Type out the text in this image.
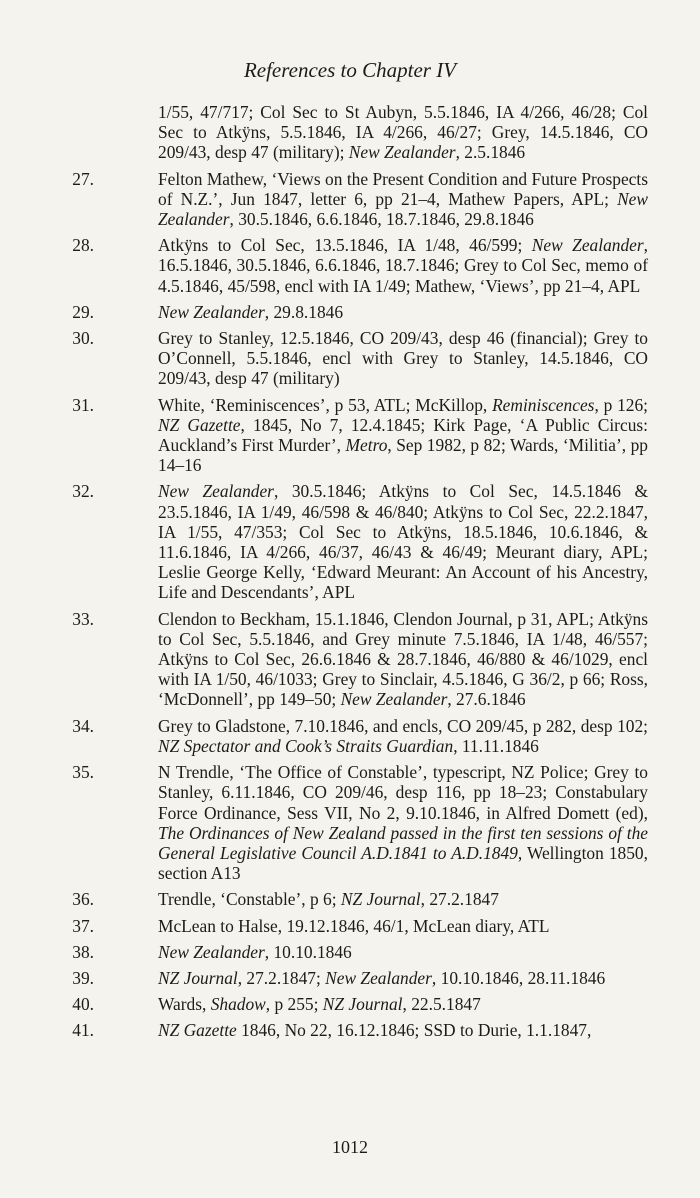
References to Chapter IV
1/55, 47/717; Col Sec to St Aubyn, 5.5.1846, IA 4/266, 46/28; Col Sec to Atkÿns, 5.5.1846, IA 4/266, 46/27; Grey, 14.5.1846, CO 209/43, desp 47 (military); New Zealander, 2.5.1846
27.	Felton Mathew, ‘Views on the Present Condition and Future Prospects of N.Z.’, Jun 1847, letter 6, pp 21–4, Mathew Papers, APL; New Zealander, 30.5.1846, 6.6.1846, 18.7.1846, 29.8.1846
28.	Atkÿns to Col Sec, 13.5.1846, IA 1/48, 46/599; New Zealander, 16.5.1846, 30.5.1846, 6.6.1846, 18.7.1846; Grey to Col Sec, memo of 4.5.1846, 45/598, encl with IA 1/49; Mathew, ‘Views’, pp 21–4, APL
29.	New Zealander, 29.8.1846
30.	Grey to Stanley, 12.5.1846, CO 209/43, desp 46 (financial); Grey to O’Connell, 5.5.1846, encl with Grey to Stanley, 14.5.1846, CO 209/43, desp 47 (military)
31.	White, ‘Reminiscences’, p 53, ATL; McKillop, Reminiscences, p 126; NZ Gazette, 1845, No 7, 12.4.1845; Kirk Page, ‘A Public Circus: Auckland’s First Murder’, Metro, Sep 1982, p 82; Wards, ‘Militia’, pp 14–16
32.	New Zealander, 30.5.1846; Atkÿns to Col Sec, 14.5.1846 & 23.5.1846, IA 1/49, 46/598 & 46/840; Atkÿns to Col Sec, 22.2.1847, IA 1/55, 47/353; Col Sec to Atkÿns, 18.5.1846, 10.6.1846, & 11.6.1846, IA 4/266, 46/37, 46/43 & 46/49; Meurant diary, APL; Leslie George Kelly, ‘Edward Meurant: An Account of his Ancestry, Life and Descendants’, APL
33.	Clendon to Beckham, 15.1.1846, Clendon Journal, p 31, APL; Atkÿns to Col Sec, 5.5.1846, and Grey minute 7.5.1846, IA 1/48, 46/557; Atkÿns to Col Sec, 26.6.1846 & 28.7.1846, 46/880 & 46/1029, encl with IA 1/50, 46/1033; Grey to Sinclair, 4.5.1846, G 36/2, p 66; Ross, ‘McDonnell’, pp 149–50; New Zealander, 27.6.1846
34.	Grey to Gladstone, 7.10.1846, and encls, CO 209/45, p 282, desp 102; NZ Spectator and Cook’s Straits Guardian, 11.11.1846
35.	N Trendle, ‘The Office of Constable’, typescript, NZ Police; Grey to Stanley, 6.11.1846, CO 209/46, desp 116, pp 18–23; Constabulary Force Ordinance, Sess VII, No 2, 9.10.1846, in Alfred Domett (ed), The Ordinances of New Zealand passed in the first ten sessions of the General Legislative Council A.D.1841 to A.D.1849, Wellington 1850, section A13
36.	Trendle, ‘Constable’, p 6; NZ Journal, 27.2.1847
37.	McLean to Halse, 19.12.1846, 46/1, McLean diary, ATL
38.	New Zealander, 10.10.1846
39.	NZ Journal, 27.2.1847; New Zealander, 10.10.1846, 28.11.1846
40.	Wards, Shadow, p 255; NZ Journal, 22.5.1847
41.	NZ Gazette 1846, No 22, 16.12.1846; SSD to Durie, 1.1.1847,
1012
